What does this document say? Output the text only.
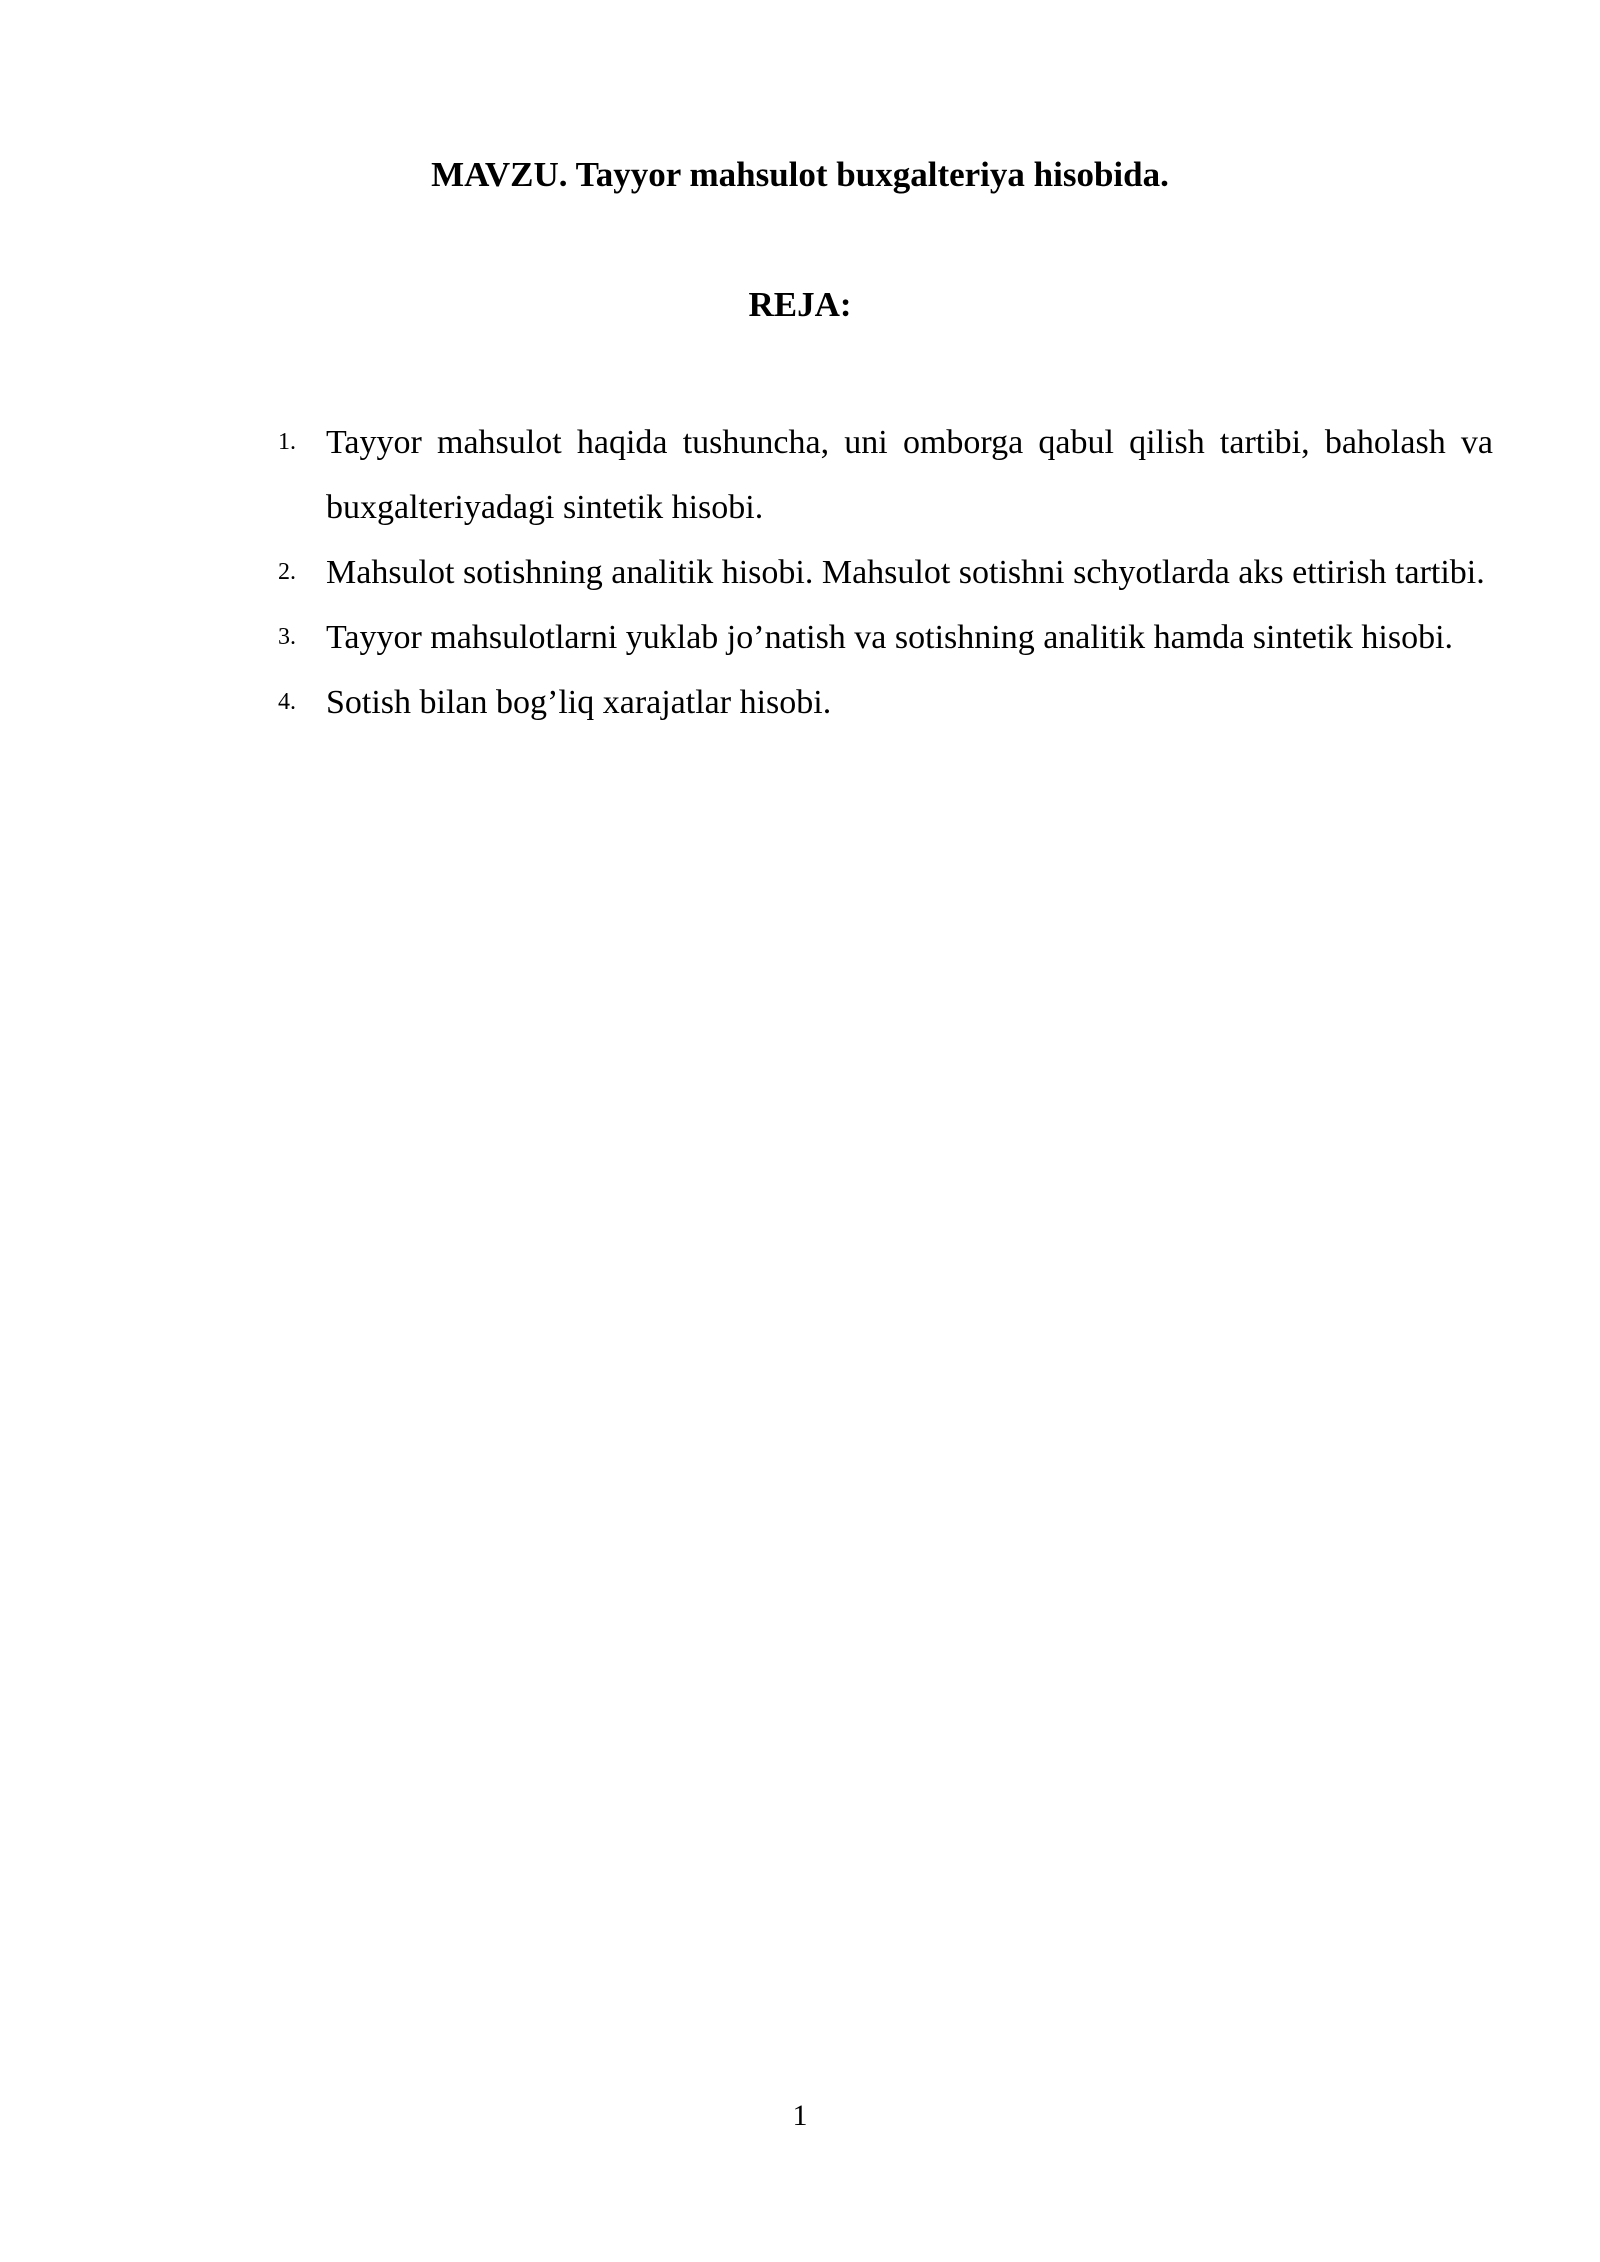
MAVZU. Tayyor mahsulot buxgalteriya hisobida.
REJA:
1. Tayyor mahsulot haqida tushuncha, uni omborga qabul qilish tartibi, baholash va buxgalteriyadagi sintetik hisobi.
2. Mahsulot sotishning analitik hisobi. Mahsulot sotishni schyotlarda aks ettirish tartibi.
3. Tayyor mahsulotlarni yuklab jo’natish va sotishning analitik hamda sintetik hisobi.
4. Sotish bilan bog’liq xarajatlar hisobi.
1
